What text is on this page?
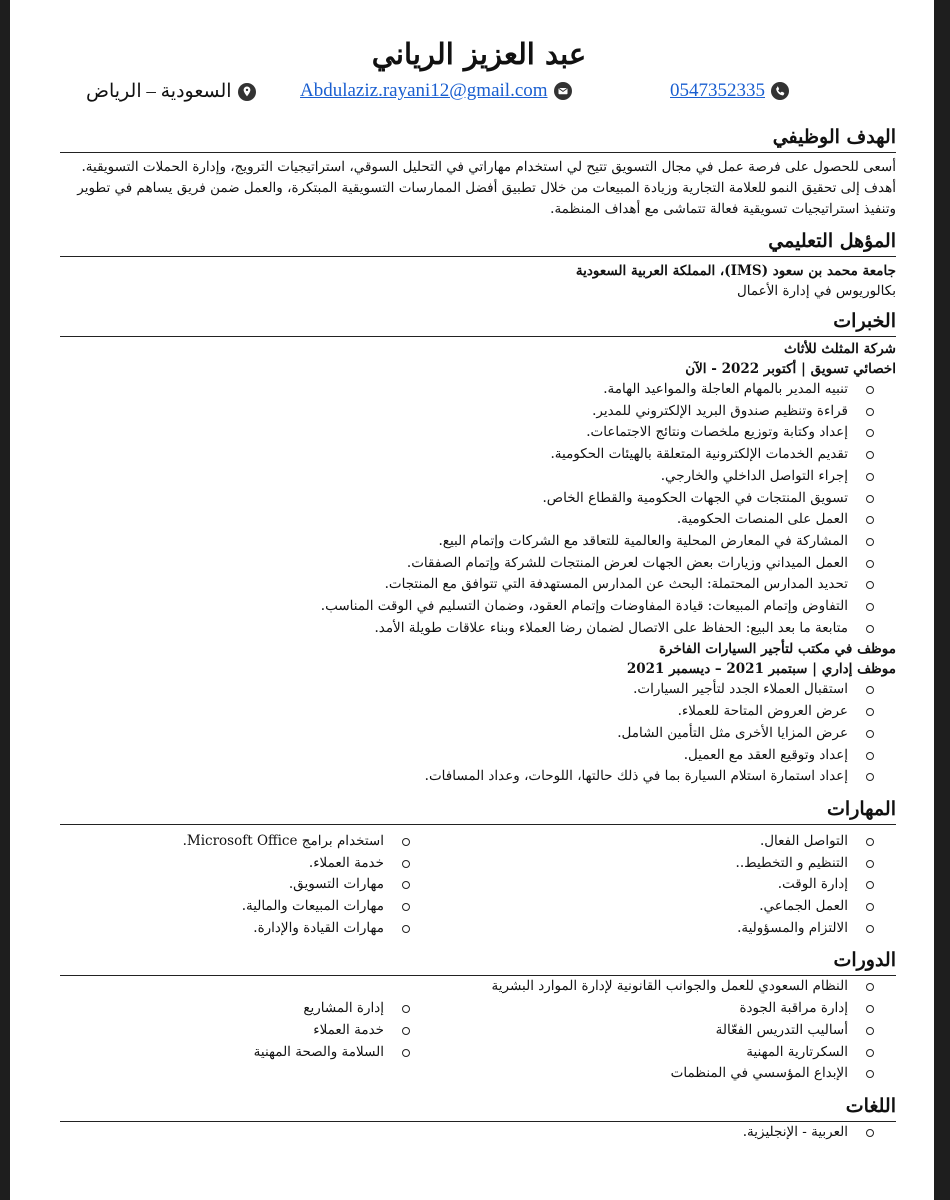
عبد العزيز الرياني
السعودية – الرياض	Abdulaziz.rayani12@gmail.com	0547352335
الهدف الوظيفي
أسعى للحصول على فرصة عمل في مجال التسويق تتيح لي استخدام مهاراتي في التحليل السوقي، استراتيجيات الترويج، وإدارة الحملات التسويقية.
أهدف إلى تحقيق النمو للعلامة التجارية وزيادة المبيعات من خلال تطبيق أفضل الممارسات التسويقية المبتكرة، والعمل ضمن فريق يساهم في تطوير
وتنفيذ استراتيجيات تسويقية فعالة تتماشى مع أهداف المنظمة.
المؤهل التعليمي
جامعة محمد بن سعود (IMS)، المملكة العربية السعودية
بكالوريوس في إدارة الأعمال
الخبرات
شركة المثلث للأثاث
اخصائي تسويق | أكتوبر 2022 - الآن
تنبيه المدير بالمهام العاجلة والمواعيد الهامة.
قراءة وتنظيم صندوق البريد الإلكتروني للمدير.
إعداد وكتابة وتوزيع ملخصات ونتائج الاجتماعات.
تقديم الخدمات الإلكترونية المتعلقة بالهيئات الحكومية.
إجراء التواصل الداخلي والخارجي.
تسويق المنتجات في الجهات الحكومية والقطاع الخاص.
العمل على المنصات الحكومية.
المشاركة في المعارض المحلية والعالمية للتعاقد مع الشركات وإتمام البيع.
العمل الميداني وزيارات بعض الجهات لعرض المنتجات للشركة وإتمام الصفقات.
تحديد المدارس المحتملة: البحث عن المدارس المستهدفة التي تتوافق مع المنتجات.
التفاوض وإتمام المبيعات: قيادة المفاوضات وإتمام العقود، وضمان التسليم في الوقت المناسب.
متابعة ما بعد البيع: الحفاظ على الاتصال لضمان رضا العملاء وبناء علاقات طويلة الأمد.
موظف في مكتب لتأجير السيارات الفاخرة
موظف إداري | سبتمبر 2021 – ديسمبر 2021
استقبال العملاء الجدد لتأجير السيارات.
عرض العروض المتاحة للعملاء.
عرض المزايا الأخرى مثل التأمين الشامل.
إعداد وتوقيع العقد مع العميل.
إعداد استمارة استلام السيارة بما في ذلك حالتها، اللوحات، وعداد المسافات.
المهارات
التواصل الفعال.
التنظيم و التخطيط..
إدارة الوقت.
العمل الجماعي.
الالتزام والمسؤولية.
استخدام برامج Microsoft Office.
خدمة العملاء.
مهارات التسويق.
مهارات المبيعات والمالية.
مهارات القيادة والإدارة.
الدورات
النظام السعودي للعمل والجوانب القانونية لإدارة الموارد البشرية
إدارة مراقبة الجودة
أساليب التدريس الفعّالة
السكرتارية المهنية
الإبداع المؤسسي في المنظمات
إدارة المشاريع
خدمة العملاء
السلامة والصحة المهنية
اللغات
العربية - الإنجليزية.
